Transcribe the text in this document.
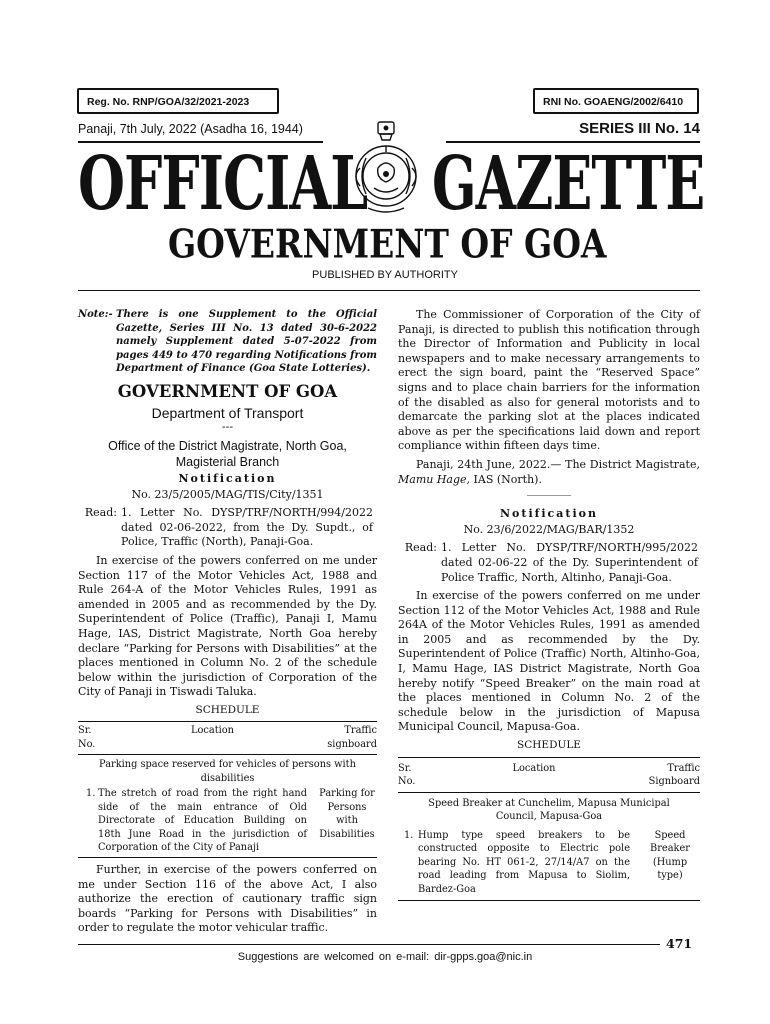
Reg. No. RNP/GOA/32/2021-2023	RNI No. GOAENG/2002/6410
Panaji, 7th July, 2022 (Asadha 16, 1944)	SERIES III No. 14
OFFICIAL GAZETTE
GOVERNMENT OF GOA
PUBLISHED BY AUTHORITY
Note:- There is one Supplement to the Official Gazette, Series III No. 13 dated 30-6-2022 namely Supplement dated 5-07-2022 from pages 449 to 470 regarding Notifications from Department of Finance (Goa State Lotteries).
GOVERNMENT OF GOA
Department of Transport
---
Office of the District Magistrate, North Goa, Magisterial Branch
Notification
No. 23/5/2005/MAG/TIS/City/1351
Read: 1. Letter No. DYSP/TRF/NORTH/994/2022 dated 02-06-2022, from the Dy. Supdt., of Police, Traffic (North), Panaji-Goa.

In exercise of the powers conferred on me under Section 117 of the Motor Vehicles Act, 1988 and Rule 264-A of the Motor Vehicles Rules, 1991 as amended in 2005 and as recommended by the Dy. Superintendent of Police (Traffic), Panaji I, Mamu Hage, IAS, District Magistrate, North Goa hereby declare “Parking for Persons with Disabilities” at the places mentioned in Column No. 2 of the schedule below within the jurisdiction of Corporation of the City of Panaji in Tiswadi Taluka.

SCHEDULE
Sr.
No.	Location	Traffic
signboard
Parking space reserved for vehicles of persons with disabilities		

1. The stretch of road from the right hand side of the main entrance of Old Directorate of Education Building on 18th June Road in the jurisdiction of Corporation of the City of Panaji		Parking for Persons with Disabilities

Further, in exercise of the powers conferred on me under Section 116 of the above Act, I also authorize the erection of cautionary traffic sign boards “Parking for Persons with Disabilities” in order to regulate the motor vehicular traffic.

The Commissioner of Corporation of the City of Panaji, is directed to publish this notification through the Director of Information and Publicity in local newspapers and to make necessary arrangements to erect the sign board, paint the “Reserved Space” signs and to place chain barriers for the information of the disabled as also for general motorists and to demarcate the parking slot at the places indicated above as per the specifications laid down and report compliance within fifteen days time.

Panaji, 24th June, 2022.— The District Magistrate, Mamu Hage, IAS (North).

________
Notification
No. 23/6/2022/MAG/BAR/1352
Read: 1. Letter No. DYSP/TRF/NORTH/995/2022 dated 02-06-22 of the Dy. Superintendent of Police Traffic, North, Altinho, Panaji-Goa.

In exercise of the powers conferred on me under Section 112 of the Motor Vehicles Act, 1988 and Rule 264A of the Motor Vehicles Rules, 1991 as amended in 2005 and as recommended by the Dy. Superintendent of Police (Traffic) North, Altinho-Goa, I, Mamu Hage, IAS District Magistrate, North Goa hereby notify “Speed Breaker” on the main road at the places mentioned in Column No. 2 of the schedule below in the jurisdiction of Mapusa Municipal Council, Mapusa-Goa.

SCHEDULE
Sr.
No.	Location	Traffic
Signboard
Speed Breaker at Cunchelim, Mapusa Municipal Council, Mapusa-Goa		

1. Hump type speed breakers to be constructed opposite to Electric pole bearing No. HT 061-2, 27/14/A7 on the road leading from Mapusa to Siolim, Bardez-Goa		Speed Breaker (Hump type)
471
Suggestions are welcomed on e-mail: dir-gpps.goa@nic.in
